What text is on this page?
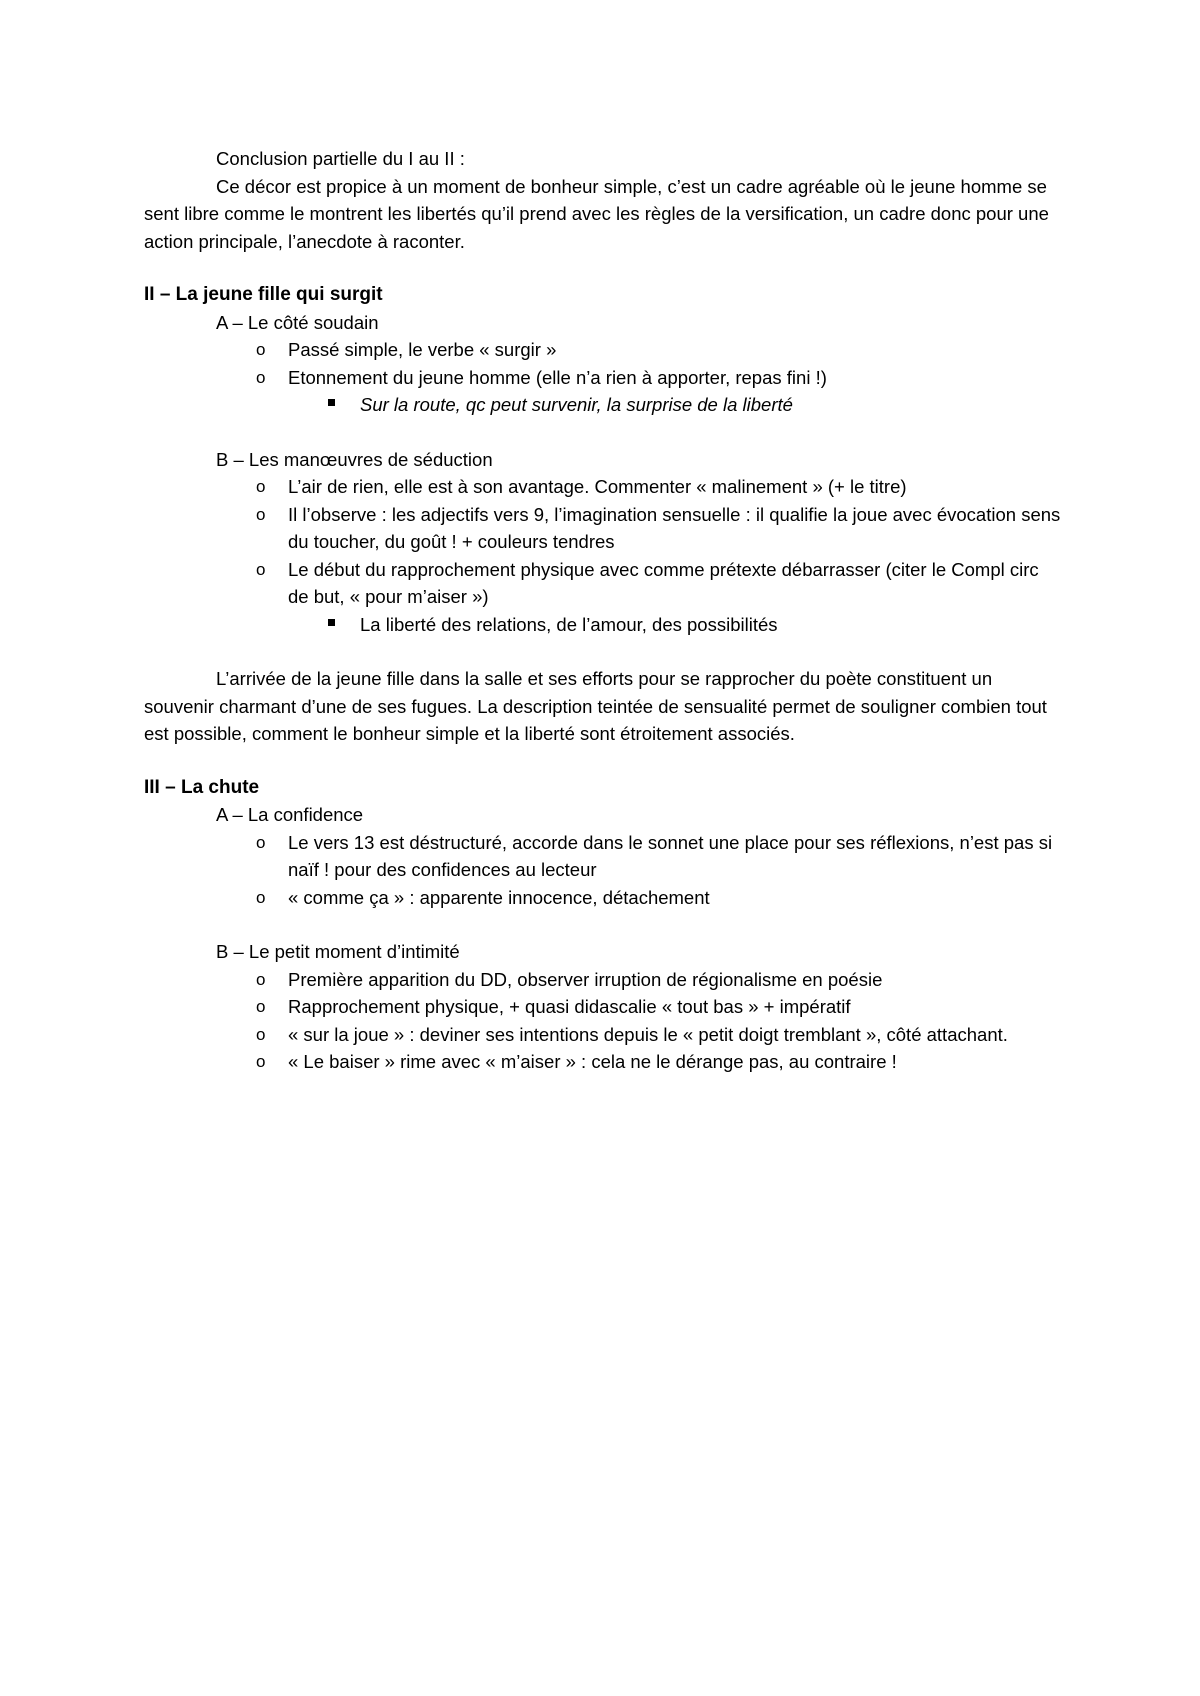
Conclusion partielle du I au II :

Ce décor est propice à un moment de bonheur simple, c’est un cadre agréable où le jeune homme se sent libre comme le montrent les libertés qu’il prend avec les règles de la versification, un cadre donc pour une action principale, l’anecdote à raconter.

II – La jeune fille qui surgit

A – Le côté soudain

o Passé simple, le verbe « surgir »
o Etonnement du jeune homme (elle n’a rien à apporter, repas fini !)
Sur la route, qc peut survenir, la surprise de la liberté

B – Les manœuvres de séduction

o L’air de rien, elle est à son avantage. Commenter « malinement » (+ le titre)
o Il l’observe : les adjectifs vers 9, l’imagination sensuelle : il qualifie la joue avec évocation sens du toucher, du goût ! + couleurs tendres
o Le début du rapprochement physique avec comme prétexte débarrasser (citer le Compl circ de but, « pour m’aiser »)
La liberté des relations, de l’amour, des possibilités

L’arrivée de la jeune fille dans la salle et ses efforts pour se rapprocher du poète constituent un souvenir charmant d’une de ses fugues. La description teintée de sensualité permet de souligner combien tout est possible, comment le bonheur simple et la liberté sont étroitement associés.

III – La chute

A – La confidence

o Le vers 13 est déstructuré, accorde dans le sonnet une place pour ses réflexions, n’est pas si naïf ! pour des confidences au lecteur
o « comme ça » : apparente innocence, détachement

B – Le petit moment d’intimité

o Première apparition du DD, observer irruption de régionalisme en poésie
o Rapprochement physique, + quasi didascalie « tout bas » + impératif
o « sur la joue » : deviner ses intentions depuis le « petit doigt tremblant », côté attachant.
o « Le baiser » rime avec « m’aiser » : cela ne le dérange pas, au contraire !
